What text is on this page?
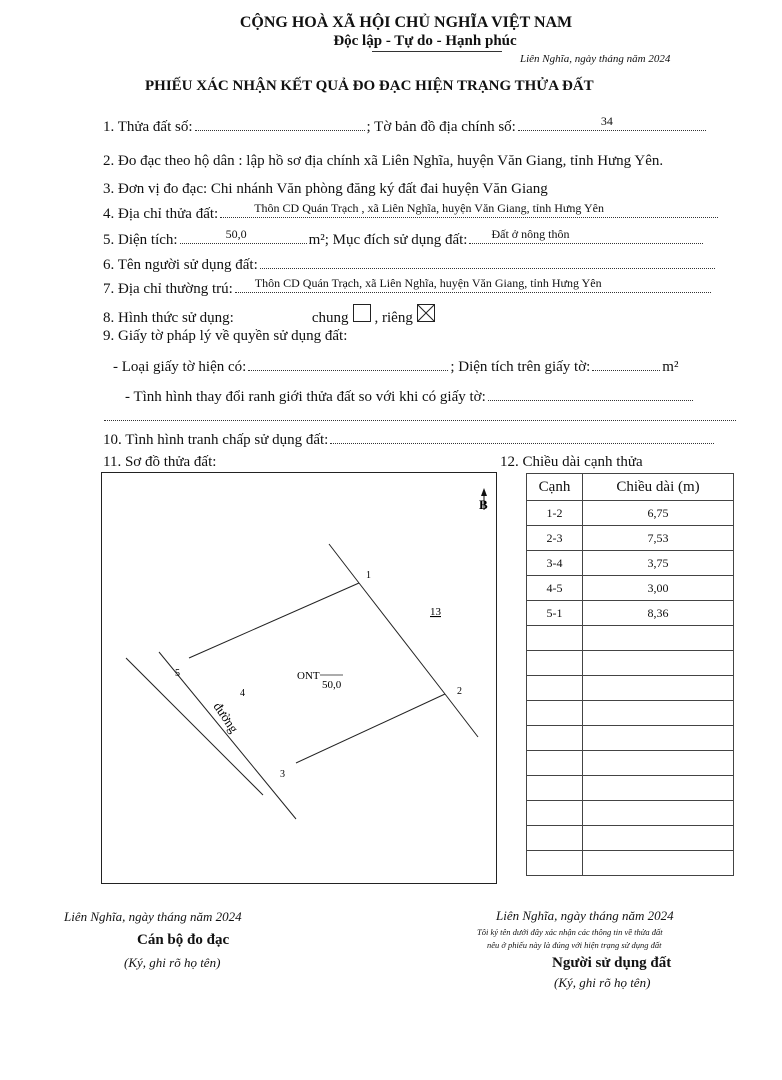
CỘNG HOÀ XÃ HỘI CHỦ NGHĨA VIỆT NAM
Độc lập - Tự do - Hạnh phúc
Liên Nghĩa, ngày tháng năm 2024
PHIẾU XÁC NHẬN KẾT QUẢ ĐO ĐẠC HIỆN TRẠNG THỬA ĐẤT
1. Thửa đất số:	; Tờ bản đồ địa chính số:	34
2. Đo đạc theo hộ dân : lập hồ sơ địa chính xã Liên Nghĩa, huyện Văn Giang, tỉnh Hưng Yên.
3. Đơn vị đo đạc: Chi nhánh Văn phòng đăng ký đất đai huyện Văn Giang
4. Địa chỉ thửa đất:	Thôn CD Quán Trạch , xã Liên Nghĩa, huyện Văn Giang, tỉnh Hưng Yên
5. Diện tích:	50,0	m²; Mục đích sử dụng đất:	Đất ở nông thôn
6. Tên người sử dụng đất:
7. Địa chỉ thường trú:	Thôn CD Quán Trạch, xã Liên Nghĩa, huyện Văn Giang, tỉnh Hưng Yên
8. Hình thức sử dụng:	chung , riêng
9. Giấy tờ pháp lý về quyền sử dụng đất:
- Loại giấy tờ hiện có:	; Diện tích trên giấy tờ:	m²
- Tình hình thay đổi ranh giới thửa đất so với khi có giấy tờ:
10. Tình hình tranh chấp sử dụng đất:
11. Sơ đồ thửa đất:	12. Chiều dài cạnh thửa
B
1
2
3
4
5
13
ONT
50,0
đường
Cạnh	Chiều dài (m)
1-2	6,75
2-3	7,53
3-4	3,75
4-5	3,00
5-1	8,36

Liên Nghĩa, ngày tháng năm 2024
Cán bộ đo đạc
(Ký, ghi rõ họ tên)
Liên Nghĩa, ngày tháng năm 2024
Tôi ký tên dưới đây xác nhận các thông tin về thửa đất
nêu ở phiếu này là đúng với hiện trạng sử dụng đất
Người sử dụng đất
(Ký, ghi rõ họ tên)
